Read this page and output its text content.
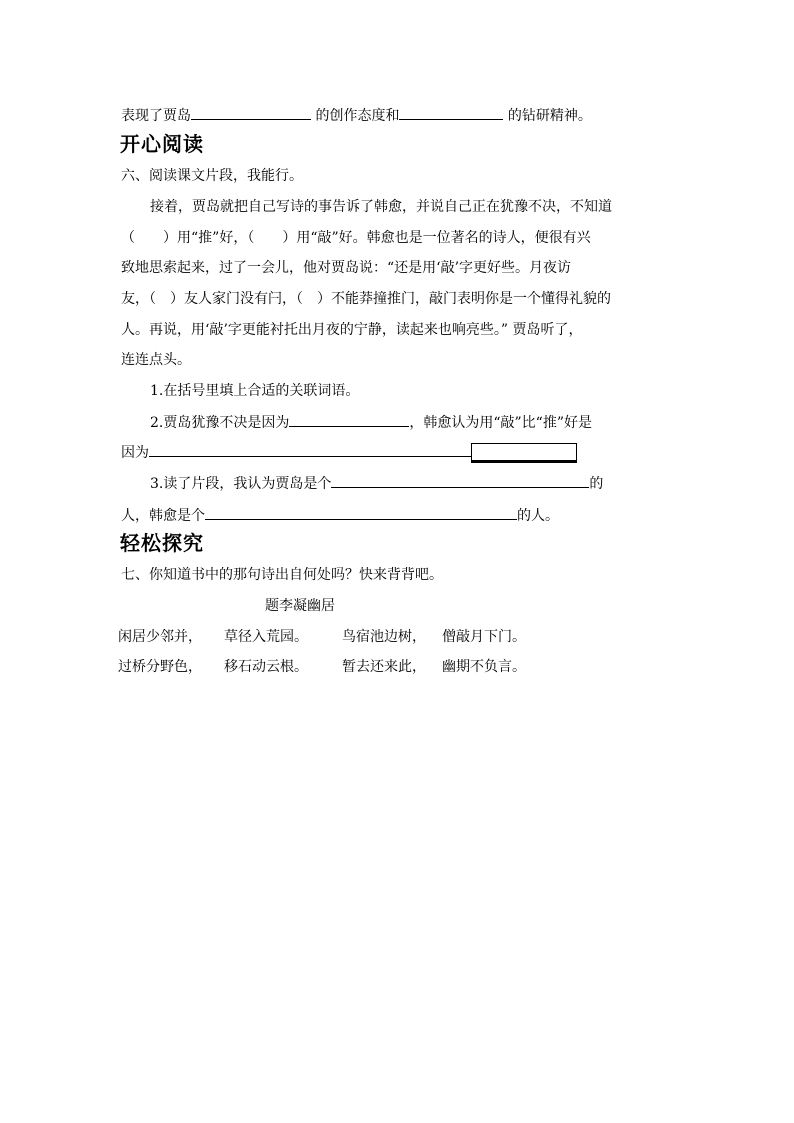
表现了贾岛	的创作态度和	的钻研精神。
开心阅读
六、阅读课文片段，我能行。
接着，贾岛就把自己写诗的事告诉了韩愈，并说自己正在犹豫不决，不知道
（　　）用“推”好，（　　）用“敲”好。韩愈也是一位著名的诗人，便很有兴
致地思索起来，过了一会儿，他对贾岛说：“还是用‘敲’字更好些。月夜访
友，（　）友人家门没有闩，（　）不能莽撞推门，敲门表明你是一个懂得礼貌的
人。再说，用‘敲’字更能衬托出月夜的宁静，读起来也响亮些。” 贾岛听了，
连连点头。
1.在括号里填上合适的关联词语。
2.贾岛犹豫不决是因为	，韩愈认为用“敲”比“推”好是
因为
3.读了片段，我认为贾岛是个	的
人，韩愈是个	的人。
轻松探究
七、你知道书中的那句诗出自何处吗？快来背背吧。
题李凝幽居
闲居少邻并， 草径入荒园。 鸟宿池边树， 僧敲月下门。
过桥分野色， 移石动云根。 暂去还来此， 幽期不负言。
